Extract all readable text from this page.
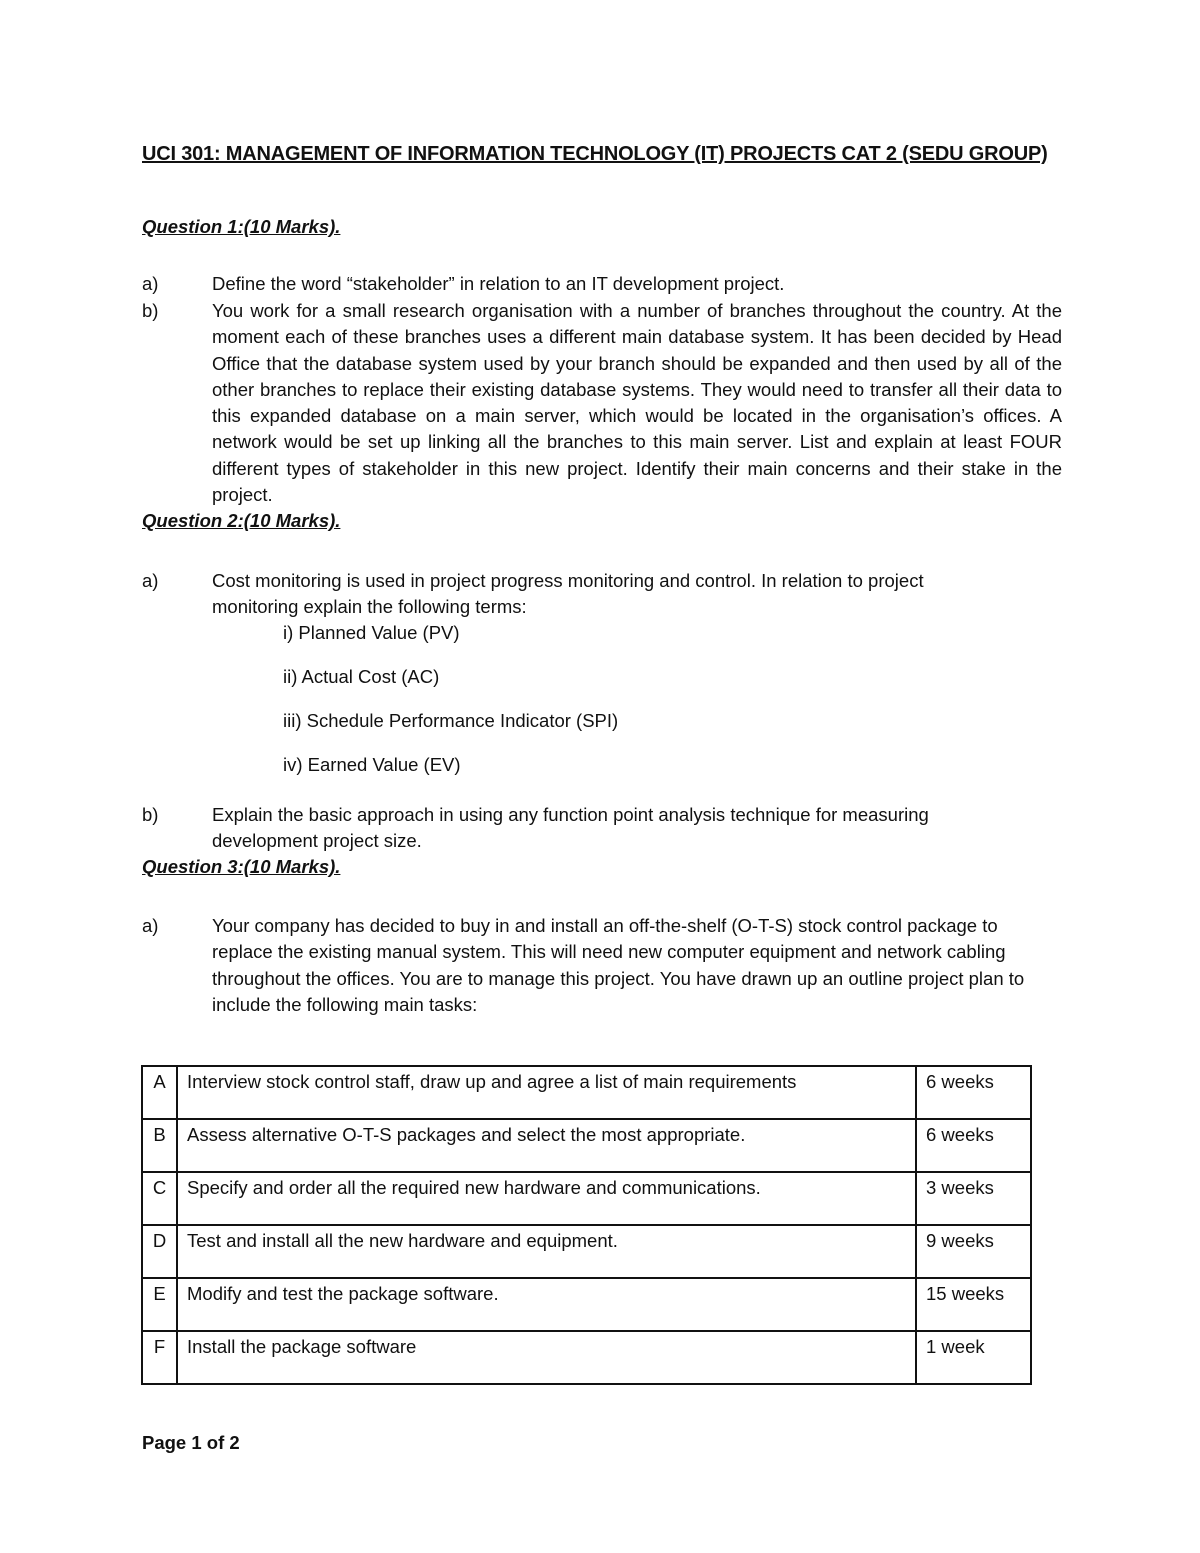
UCI 301: MANAGEMENT OF INFORMATION TECHNOLOGY (IT) PROJECTS CAT 2 (SEDU GROUP)
Question 1:(10 Marks).
a)	Define the word “stakeholder” in relation to an IT development project.
b)	You work for a small research organisation with a number of branches throughout the country. At the moment each of these branches uses a different main database system. It has been decided by Head Office that the database system used by your branch should be expanded and then used by all of the other branches to replace their existing database systems. They would need to transfer all their data to this expanded database on a main server, which would be located in the organisation’s offices. A network would be set up linking all the branches to this main server. List and explain at least FOUR different types of stakeholder in this new project. Identify their main concerns and their stake in the project.
Question 2:(10 Marks).
a)	Cost monitoring is used in project progress monitoring and control. In relation to project monitoring explain the following terms:
i) Planned Value (PV)
ii) Actual Cost (AC)
iii) Schedule Performance Indicator (SPI)
iv) Earned Value (EV)
b)	Explain the basic approach in using any function point analysis technique for measuring development project size.
Question 3:(10 Marks).
a)	Your company has decided to buy in and install an off-the-shelf (O-T-S) stock control package to replace the existing manual system. This will need new computer equipment and network cabling throughout the offices. You are to manage this project. You have drawn up an outline project plan to include the following main tasks:
A	Interview stock control staff, draw up and agree a list of main requirements	6 weeks
B	Assess alternative O-T-S packages and select the most appropriate.	6 weeks
C	Specify and order all the required new hardware and communications.	3 weeks
D	Test and install all the new hardware and equipment.	9 weeks
E	Modify and test the package software.	15 weeks
F	Install the package software	1 week
Page 1 of 2
